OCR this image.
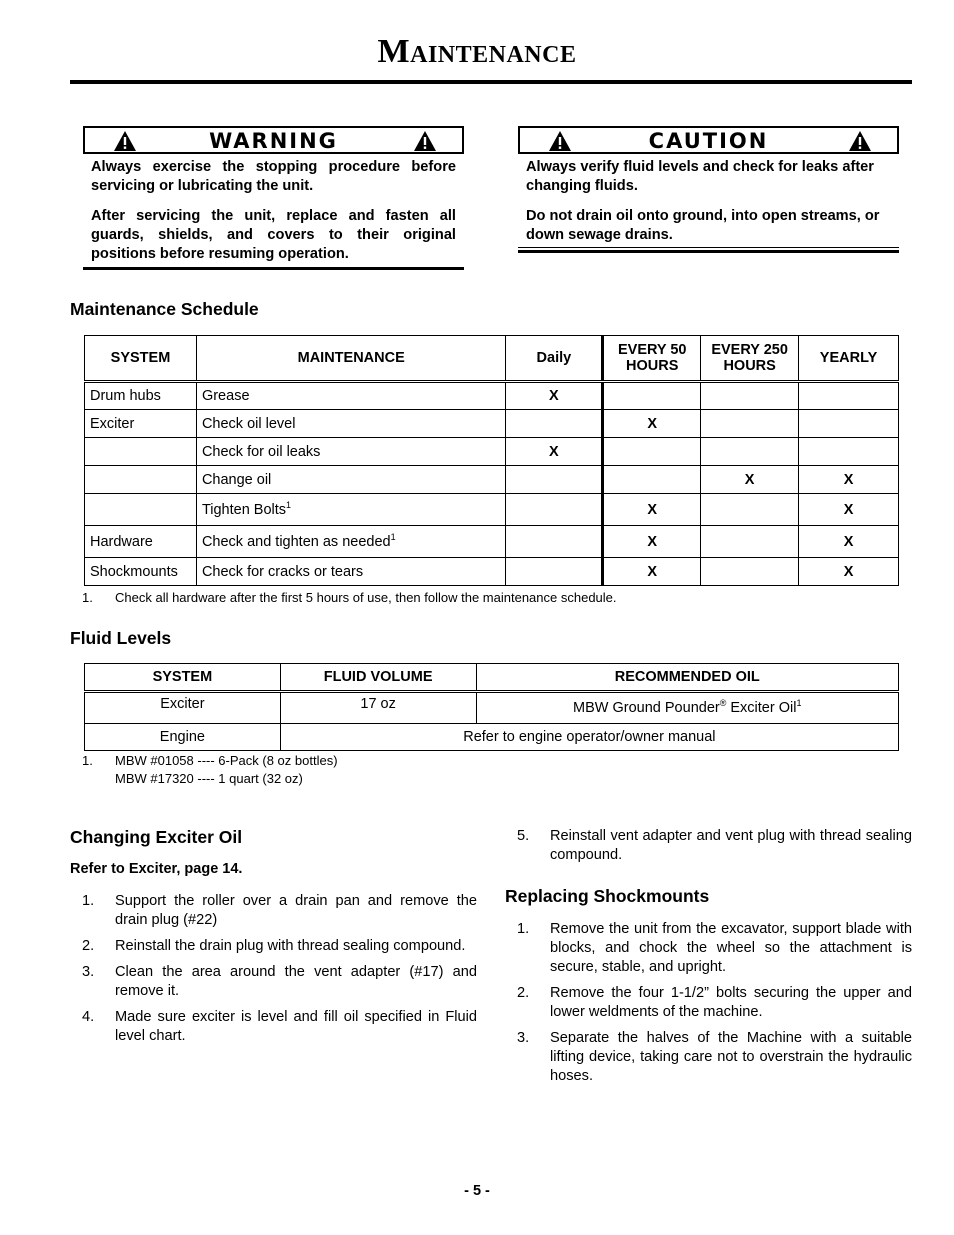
Maintenance
WARNING

Always exercise the stopping procedure before servicing or lubricating the unit.

After servicing the unit, replace and fasten all guards, shields, and covers to their original positions before resuming operation.

CAUTION

Always verify fluid levels and check for leaks after changing fluids.

Do not drain oil onto ground, into open streams, or down sewage drains.

Maintenance Schedule
SYSTEM	MAINTENANCE	Daily	EVERY 50 HOURS	EVERY 250 HOURS	YEARLY
Drum hubs	Grease	X			
Exciter	Check oil level		X		
	Check for oil leaks	X			
	Change oil			X	X
	Tighten Bolts$^1$		X		X
Hardware	Check and tighten as needed$^1$		X		X
Shockmounts	Check for cracks or tears		X		X
1. Check all hardware after the first 5 hours of use, then follow the maintenance schedule.
Fluid Levels
SYSTEM	FLUID VOLUME	RECOMMENDED OIL
Exciter	17 oz	MBW Ground Pounder® Exciter Oil$^1$
Engine	Refer to engine operator/owner manual	
1. MBW #01058 ---- 6-Pack (8 oz bottles)
MBW #17320 ---- 1 quart (32 oz)
Changing Exciter Oil
Refer to Exciter, page 14.
1. Support the roller over a drain pan and remove the drain plug (#22)
2. Reinstall the drain plug with thread sealing compound.
3. Clean the area around the vent adapter (#17) and remove it.
4. Made sure exciter is level and fill oil specified in Fluid level chart.
5. Reinstall vent adapter and vent plug with thread sealing compound.
Replacing Shockmounts
1. Remove the unit from the excavator, support blade with blocks, and chock the wheel so the attachment is secure, stable, and upright.
2. Remove the four 1-1/2” bolts securing the upper and lower weldments of the machine.
3. Separate the halves of the Machine with a suitable lifting device, taking care not to overstrain the hydraulic hoses.
- 5 -
